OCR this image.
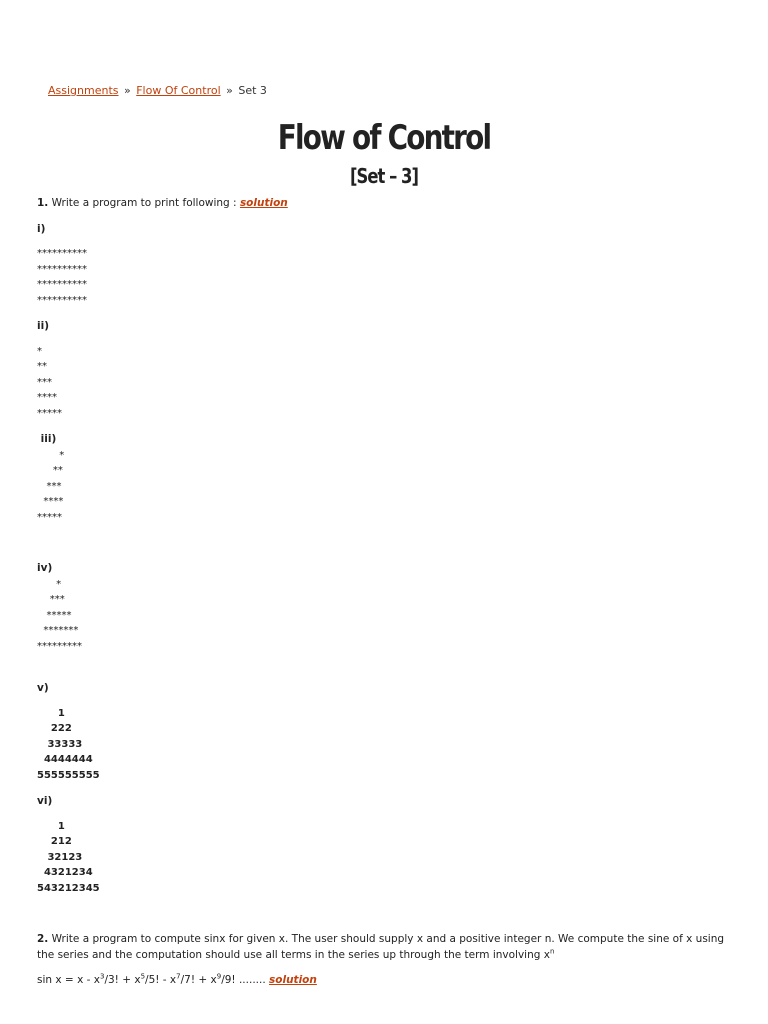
Assignments » Flow Of Control » Set 3
Flow of Control
[Set – 3]

1. Write a program to print following : solution

i)

**********
**********
**********
**********

ii)

*
**
***
****
*****

iii)

*
**
***
****
*****

iv)

*
***
*****
*******
*********

v)

1
222
33333
4444444
555555555

vi)

1
212
32123
4321234
543212345

2. Write a program to compute sinx for given x. The user should supply x and a positive integer n. We compute the sine of x using the series and the computation should use all terms in the series up through the term involving $x^n$

$\sin x = x - x^3/3$! + $x^5/5$! - $x^7/7$! + $x^9/9$! ........ solution
